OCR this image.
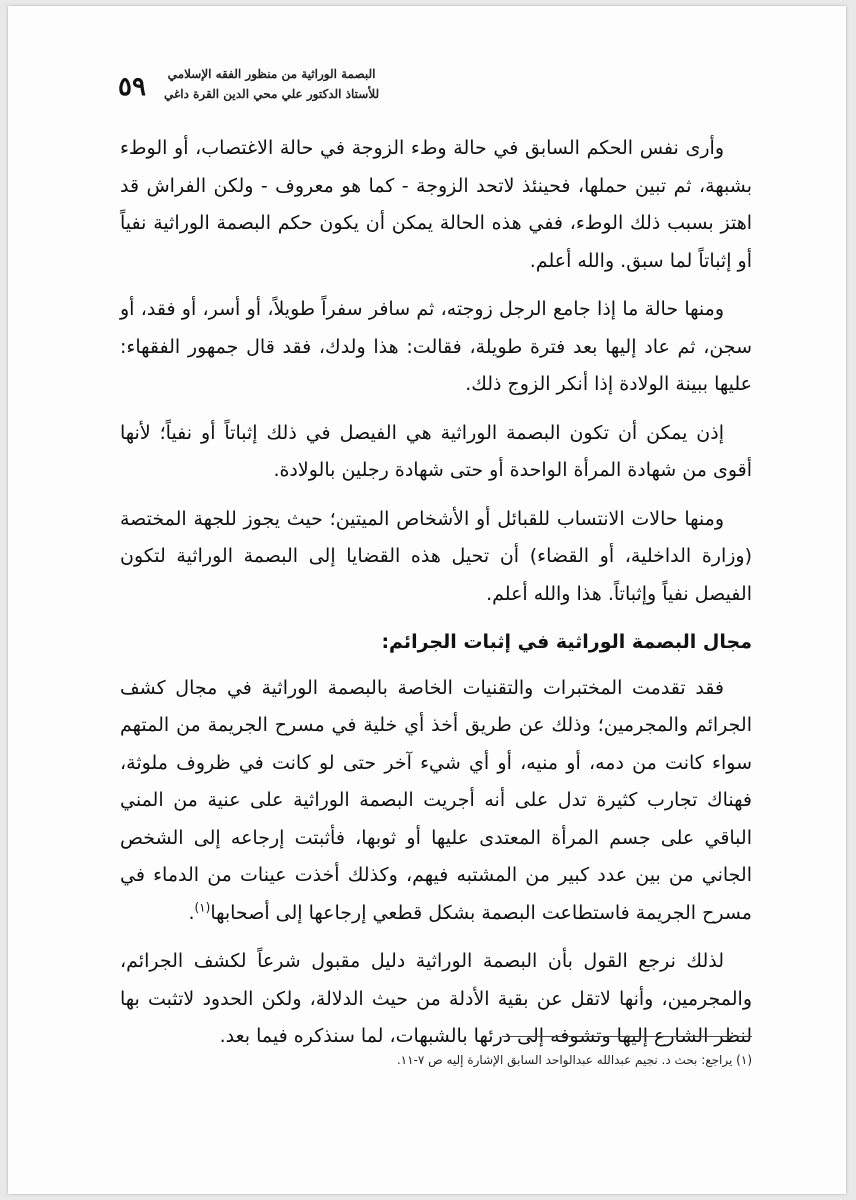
٥٩	البصمة الوراثية من منظور الفقه الإسلامي
للأستاذ الدكتور علي محي الدين القرة داغي

وأرى نفس الحكم السابق في حالة وطء الزوجة في حالة الاغتصاب، أو الوطء بشبهة، ثم تبين حملها، فحينئذ لاتحد الزوجة - كما هو معروف - ولكن الفراش قد اهتز بسبب ذلك الوطء، ففي هذه الحالة يمكن أن يكون حكم البصمة الوراثية نفياً أو إثباتاً لما سبق. والله أعلم.

ومنها حالة ما إذا جامع الرجل زوجته، ثم سافر سفراً طويلاً، أو أسر، أو فقد، أو سجن، ثم عاد إليها بعد فترة طويلة، فقالت: هذا ولدك، فقد قال جمهور الفقهاء: عليها ببينة الولادة إذا أنكر الزوج ذلك.

إذن يمكن أن تكون البصمة الوراثية هي الفيصل في ذلك إثباتاً أو نفياً؛ لأنها أقوى من شهادة المرأة الواحدة أو حتى شهادة رجلين بالولادة.

ومنها حالات الانتساب للقبائل أو الأشخاص الميتين؛ حيث يجوز للجهة المختصة (وزارة الداخلية، أو القضاء) أن تحيل هذه القضايا إلى البصمة الوراثية لتكون الفيصل نفياً وإثباتاً. هذا والله أعلم.

مجال البصمة الوراثية في إثبات الجرائم:

فقد تقدمت المختبرات والتقنيات الخاصة بالبصمة الوراثية في مجال كشف الجرائم والمجرمين؛ وذلك عن طريق أخذ أي خلية في مسرح الجريمة من المتهم سواء كانت من دمه، أو منيه، أو أي شيء آخر حتى لو كانت في ظروف ملوثة، فهناك تجارب كثيرة تدل على أنه أجريت البصمة الوراثية على عنية من المني الباقي على جسم المرأة المعتدى عليها أو ثوبها، فأثبتت إرجاعه إلى الشخص الجاني من بين عدد كبير من المشتبه فيهم، وكذلك أخذت عينات من الدماء في مسرح الجريمة فاستطاعت البصمة بشكل قطعي إرجاعها إلى أصحابها$^{(١)}$.

لذلك نرجع القول بأن البصمة الوراثية دليل مقبول شرعاً لكشف الجرائم، والمجرمين، وأنها لاتقل عن بقية الأدلة من حيث الدلالة، ولكن الحدود لاتثبت بها لنظر الشارع إليها وتشوفه إلى درئها بالشبهات، لما سنذكره فيما بعد.

(١) يراجع: بحث د. نجيم عبدالله عبدالواحد السابق الإشارة إليه ص ٧-١١.
